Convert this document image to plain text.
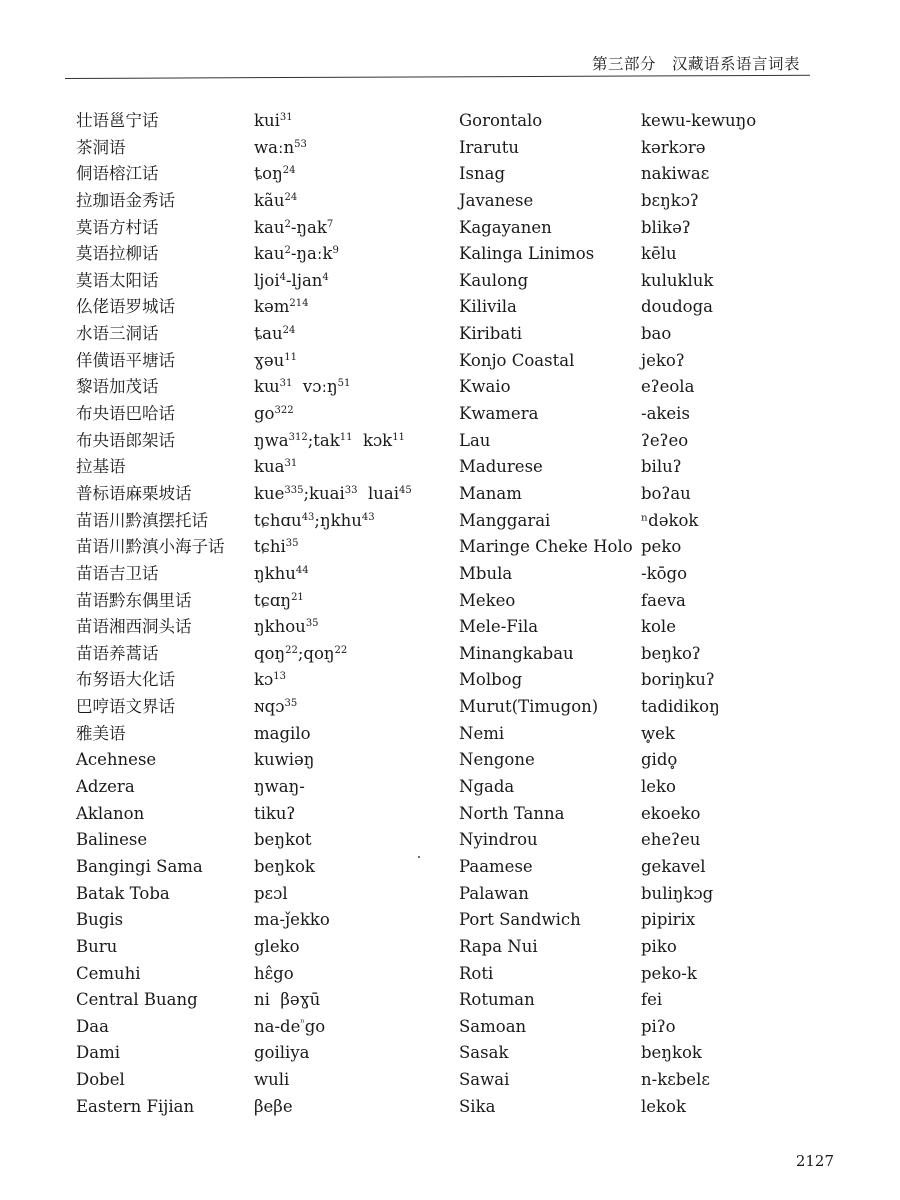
第三部分　汉藏语系语言词表
壮语邕宁话
茶洞语
侗语榕江话
拉珈语金秀话
莫语方村话
莫语拉柳话
莫语太阳话
仫佬语罗城话
水语三洞话
佯僙语平塘话
黎语加茂话
布央语巴哈话
布央语郎架话
拉基语
普标语麻栗坡话
苗语川黔滇摆托话
苗语川黔滇小海子话
苗语吉卫话
苗语黔东偶里话
苗语湘西洞头话
苗语养蒿话
布努语大化话
巴哼语文界话
雅美语
Acehnese
Adzera
Aklanon
Balinese
Bangingi Sama
Batak Toba
Bugis
Buru
Cemuhi
Central Buang
Daa
Dami
Dobel
Eastern Fijian
kui$^{31}$
waːn$^{53}$
ȶoŋ$^{24}$
kãu$^{24}$
kau$^2$-ŋak$^7$
kau$^2$-ŋaːk$^9$
ljoi$^4$-ljan$^4$
kəm$^{214}$
ȶau$^{24}$
ɣəu$^{11}$
kɯ$^{31}$  vɔːŋ$^{51}$
$go^{322}$
ŋwa$^{312}$;tak$^{11}$  kɔk$^{11}$
kua$^{31}$
kue$^{335}$;kuai$^{33}$  luai$^{45}$
tɕhɑu$^{43}$;ŋkhu$^{43}$
tɕhi$^{35}$
ŋkhu$^{44}$
tɕɑŋ$^{21}$
ŋkhou$^{35}$
qoŋ$^{22}$;qoŋ$^{22}$
kɔ$^{13}$
ɴqɔ$^{35}$
magilo
kuwiəŋ
ŋwaŋ-
tikuʔ
beŋkot
beŋkok
pɛɔl
ma-ȷ̌ekko
gleko
hɛ̂go
ni  βəɣū
$na-de^{^n}go$
goiliya
wuli
βeβe
Gorontalo
Irarutu
Isnag
Javanese
Kagayanen
Kalinga Linimos
Kaulong
Kilivila
Kiribati
Konjo Coastal
Kwaio
Kwamera
Lau
Madurese
Manam
Manggarai
Maringe Cheke Holo
Mbula
Mekeo
Mele-Fila
Minangkabau
Molbog
Murut(Timugon)
Nemi
Nengone
Ngada
North Tanna
Nyindrou
Paamese
Palawan
Port Sandwich
Rapa Nui
Roti
Rotuman
Samoan
Sasak
Sawai
Sika
kewu-kewuŋo
kərkɔrə
nakiwaɛ
bɛŋkɔʔ
blikəʔ
kēlu
kulukluk
doudoga
bao
jekoʔ
eʔeola
-akeis
ʔeʔeo
biluʔ
boʔau
ⁿdəkok
peko
-kōgo
faeva
kole
beŋkoʔ
boriŋkuʔ
tadidikoŋ
w̥ek
gido̥
leko
ekoeko
eheʔeu
gekavel
buliŋkɔg
pipirix
piko
peko-k
fei
piʔo
beŋkok
n-kɛbelɛ
lekok
2127
